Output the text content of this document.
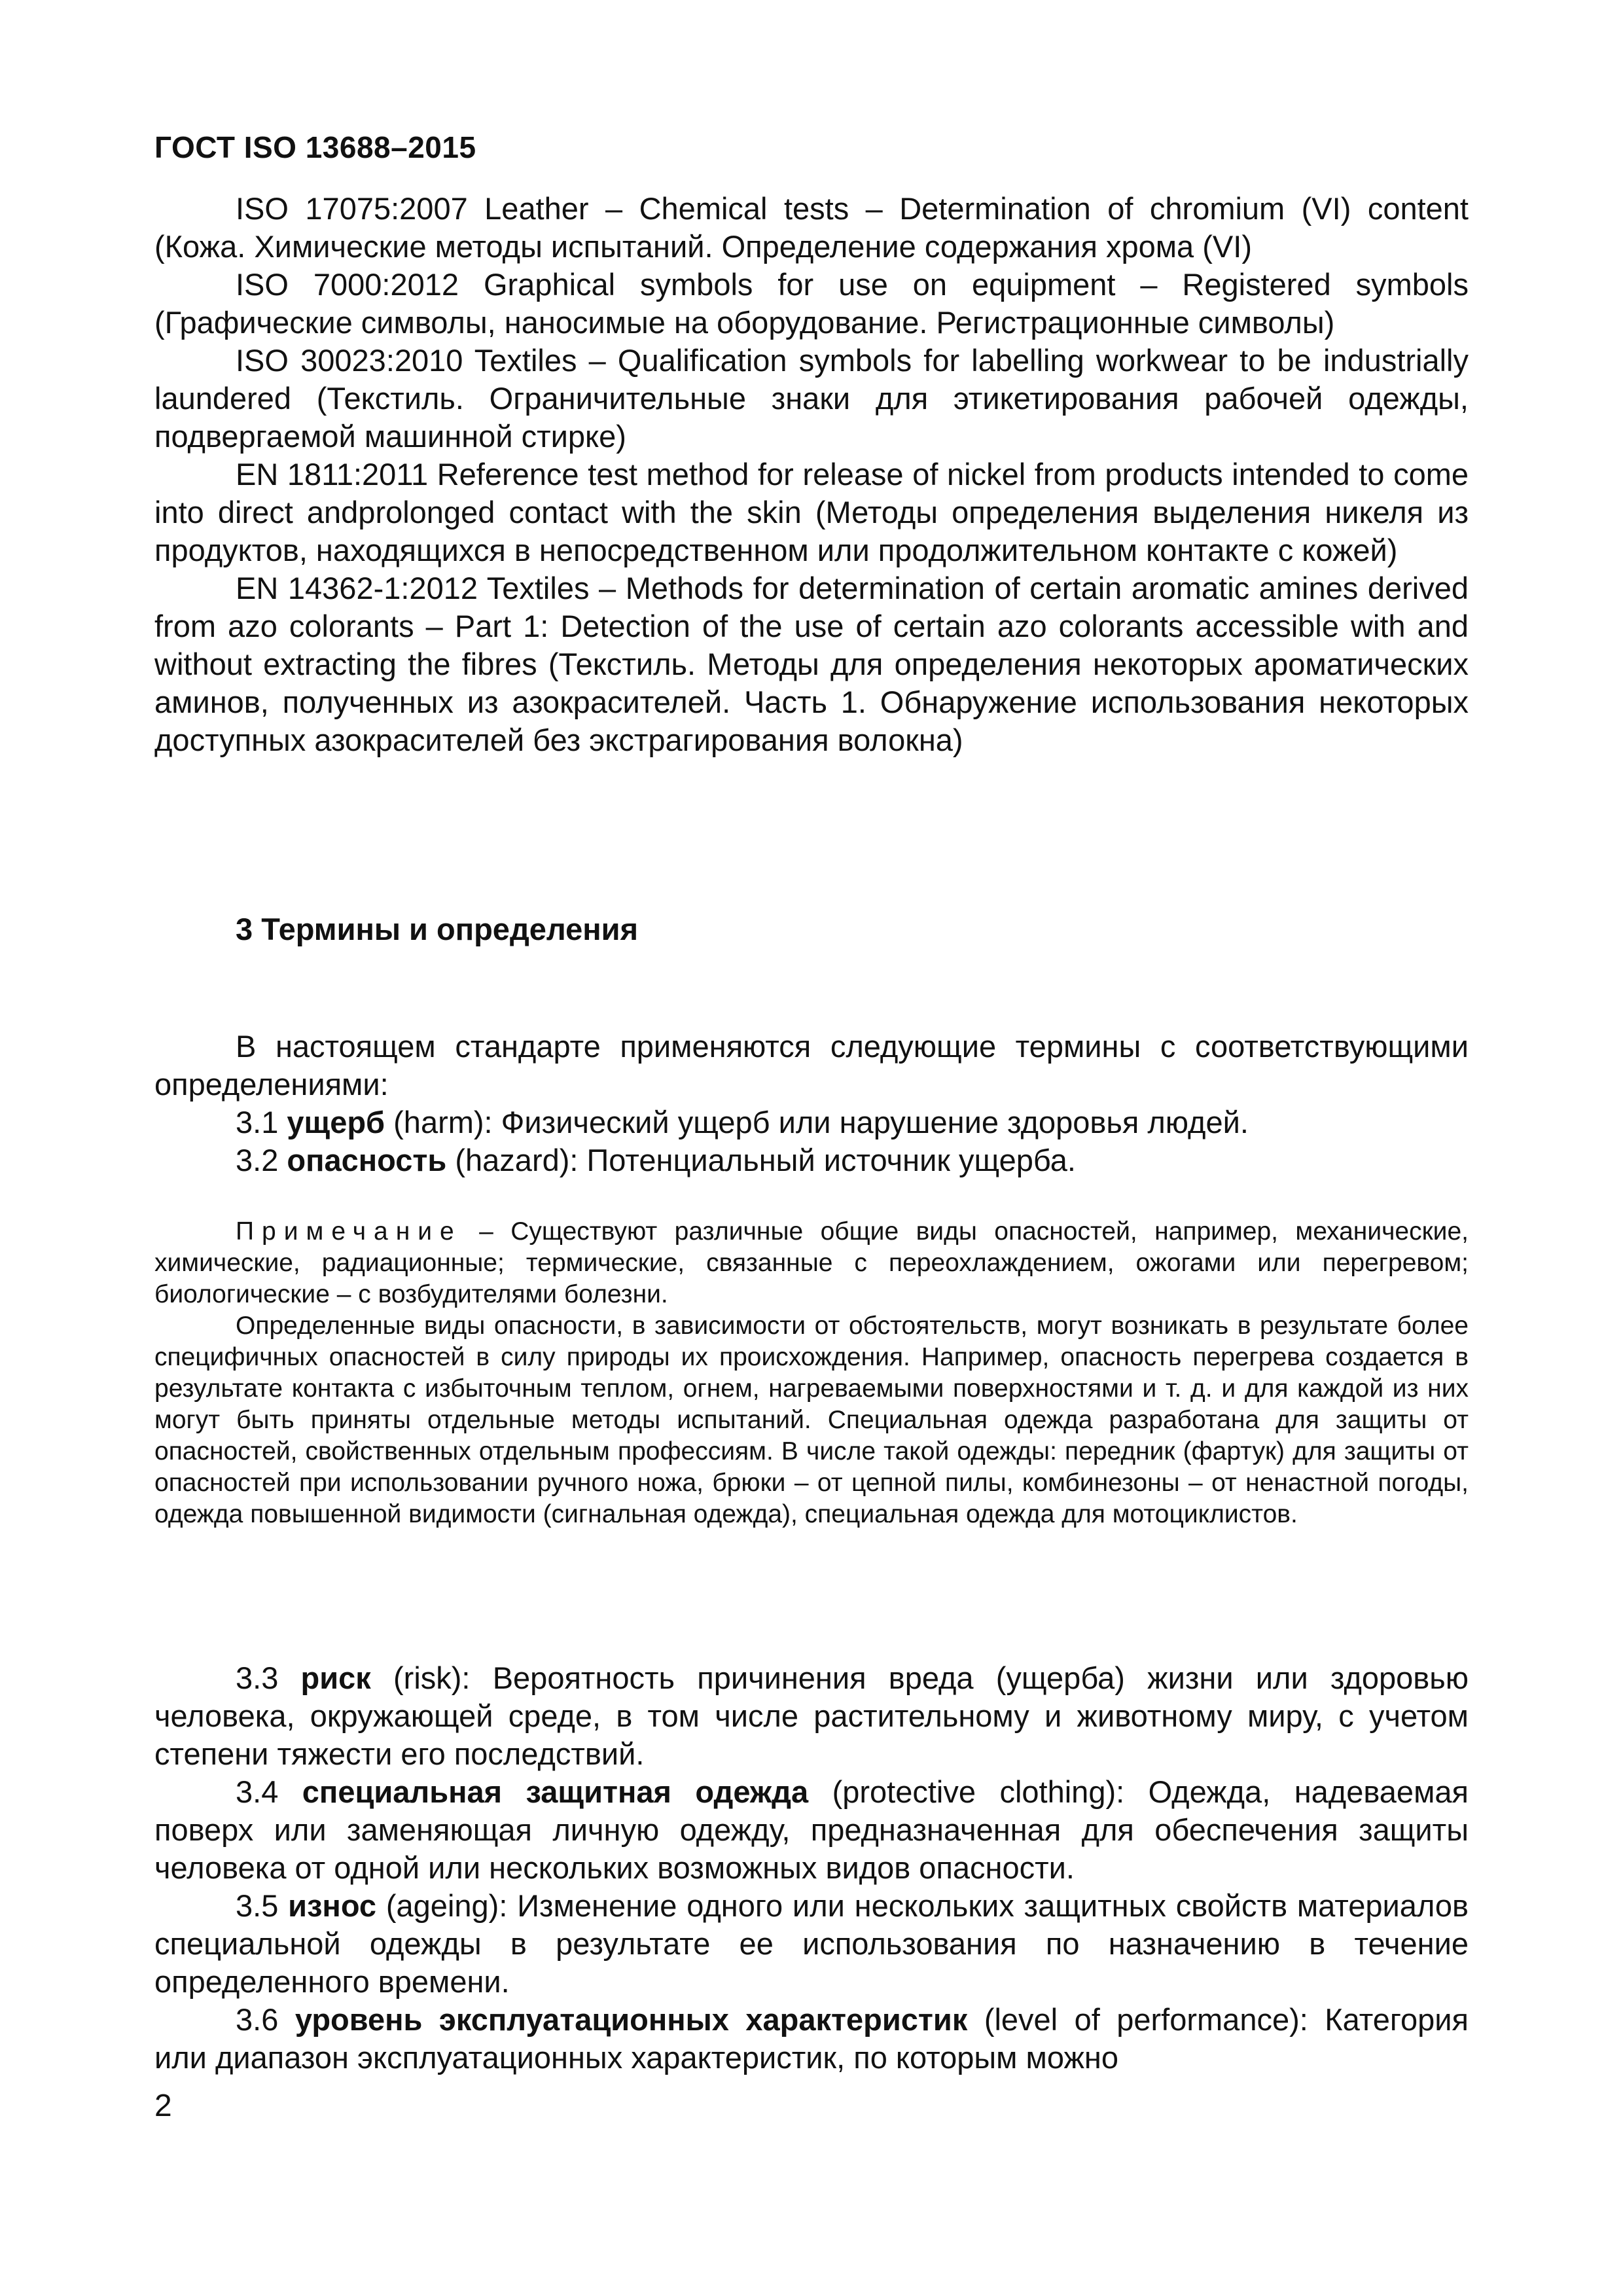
ГОСТ ISO 13688–2015

ISO 17075:2007 Leather – Chemical tests – Determination of chromium (VI) content (Кожа. Химические методы испытаний. Определение содержания хрома (VI)

ISO 7000:2012 Graphical symbols for use on equipment – Registered symbols (Графические символы, наносимые на оборудование. Регистрационные символы)

ISO 30023:2010 Textiles – Qualification symbols for labelling workwear to be industrially laundered (Текстиль. Ограничительные знаки для этикетирования рабочей одежды, подвергаемой машинной стирке)

EN 1811:2011 Reference test method for release of nickel from products intended to come into direct andprolonged contact with the skin (Методы определения выделения никеля из продуктов, находящихся в непосредственном или продолжительном контакте с кожей)

EN 14362-1:2012 Textiles – Methods for determination of certain aromatic amines derived from azo colorants – Part 1: Detection of the use of certain azo colorants accessible with and without extracting the fibres (Текстиль. Методы для определения некоторых ароматических аминов, полученных из азокрасителей. Часть 1. Обнаружение использования некоторых доступных азокрасителей без экстрагирования волокна)

3 Термины и определения

В настоящем стандарте применяются следующие термины с соответствующими определениями:

3.1 ущерб (harm): Физический ущерб или нарушение здоровья людей.

3.2 опасность (hazard): Потенциальный источник ущерба.

Примечание – Существуют различные общие виды опасностей, например, механические, химические, радиационные; термические, связанные с переохлаждением, ожогами или перегревом; биологические – с возбудителями болезни.

Определенные виды опасности, в зависимости от обстоятельств, могут возникать в результате более специфичных опасностей в силу природы их происхождения. Например, опасность перегрева создается в результате контакта с избыточным теплом, огнем, нагреваемыми поверхностями и т. д. и для каждой из них могут быть приняты отдельные методы испытаний. Специальная одежда разработана для защиты от опасностей, свойственных отдельным профессиям. В числе такой одежды: передник (фартук) для защиты от опасностей при использовании ручного ножа, брюки – от цепной пилы, комбинезоны – от ненастной погоды, одежда повышенной видимости (сигнальная одежда), специальная одежда для мотоциклистов.

3.3 риск (risk): Вероятность причинения вреда (ущерба) жизни или здоровью человека, окружающей среде, в том числе растительному и животному миру, с учетом степени тяжести его последствий.

3.4 специальная защитная одежда (protective clothing): Одежда, надеваемая поверх или заменяющая личную одежду, предназначенная для обеспечения защиты человека от одной или нескольких возможных видов опасности.

3.5 износ (ageing): Изменение одного или нескольких защитных свойств материалов специальной одежды в результате ее использования по назначению в течение определенного времени.

3.6 уровень эксплуатационных характеристик (level of performance): Категория или диапазон эксплуатационных характеристик, по которым можно

2
